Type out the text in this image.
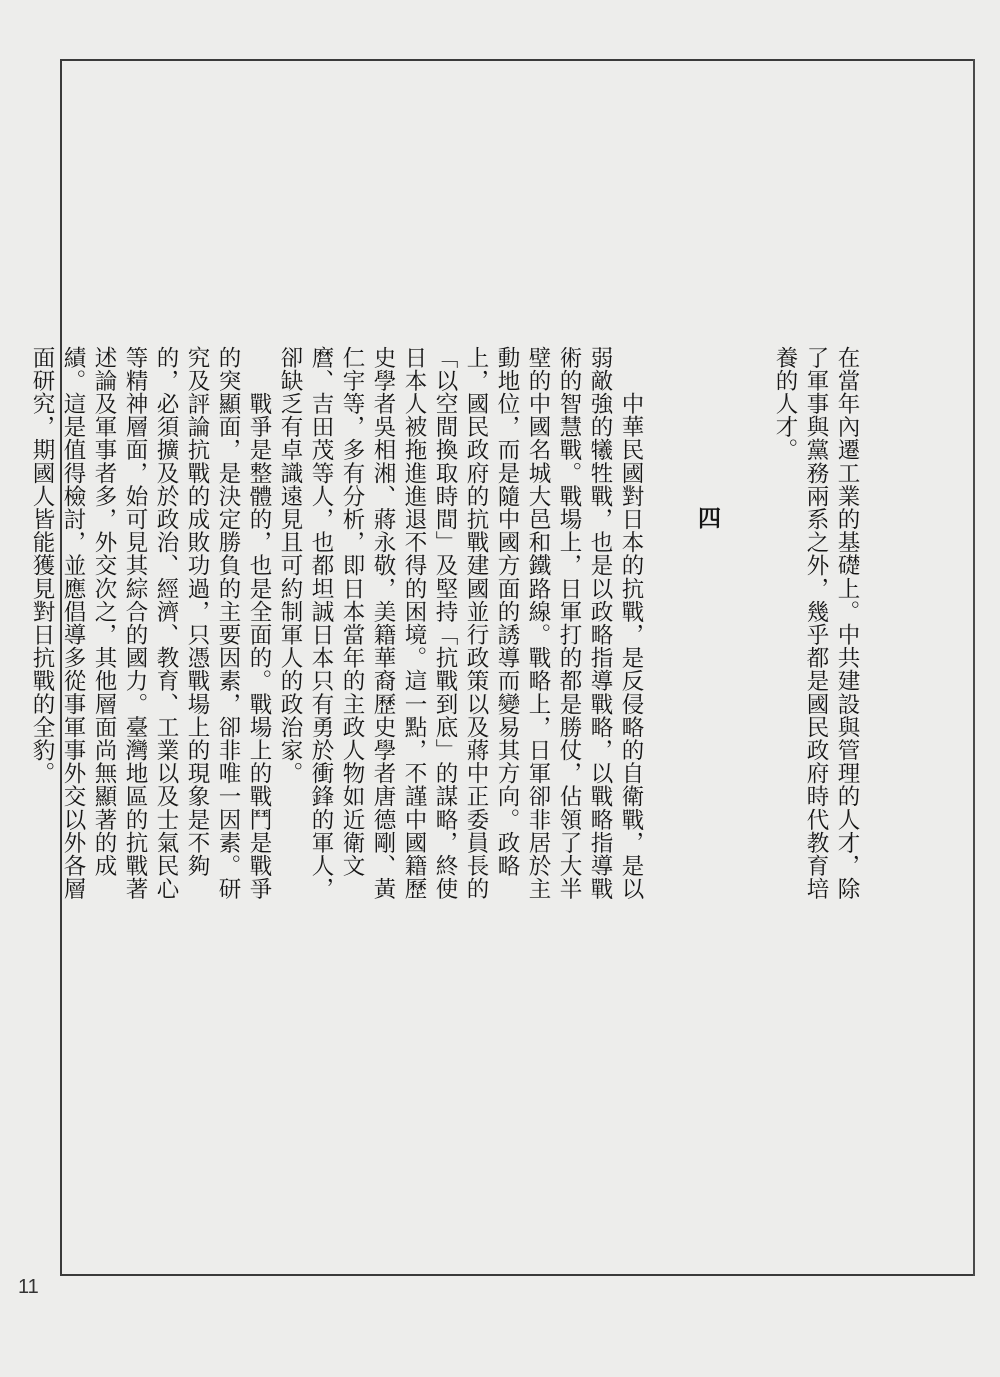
在當年內遷工業的基礎上。中共建設與管理的人才，除了軍事與黨務兩系之外，幾乎都是國民政府時代教育培養的人才。

四

　　中華民國對日本的抗戰，是反侵略的自衛戰，是以弱敵強的犧牲戰，也是以政略指導戰略，以戰略指導戰術的智慧戰。戰場上，日軍打的都是勝仗，佔領了大半壁的中國名城大邑和鐵路線。戰略上，日軍卻非居於主動地位，而是隨中國方面的誘導而變易其方向。政略上，國民政府的抗戰建國並行政策以及蔣中正委員長的「以空間換取時間」及堅持「抗戰到底」的謀略，終使日本人被拖進進退不得的困境。這一點，不謹中國籍歷史學者吳相湘、蔣永敬，美籍華裔歷史學者唐德剛、黃仁宇等，多有分析，即日本當年的主政人物如近衛文麿、吉田茂等人，也都坦誠日本只有勇於衝鋒的軍人，卻缺乏有卓識遠見且可約制軍人的政治家。

　　戰爭是整體的，也是全面的。戰場上的戰鬥是戰爭的突顯面，是決定勝負的主要因素，卻非唯一因素。研究及評論抗戰的成敗功過，只憑戰場上的現象是不夠的，必須擴及於政治、經濟、教育、工業以及士氣民心等精神層面，始可見其綜合的國力。臺灣地區的抗戰著述論及軍事者多，外交次之，其他層面尚無顯著的成績。這是值得檢討，並應倡導多從事軍事外交以外各層面研究，期國人皆能獲見對日抗戰的全豹。

11
